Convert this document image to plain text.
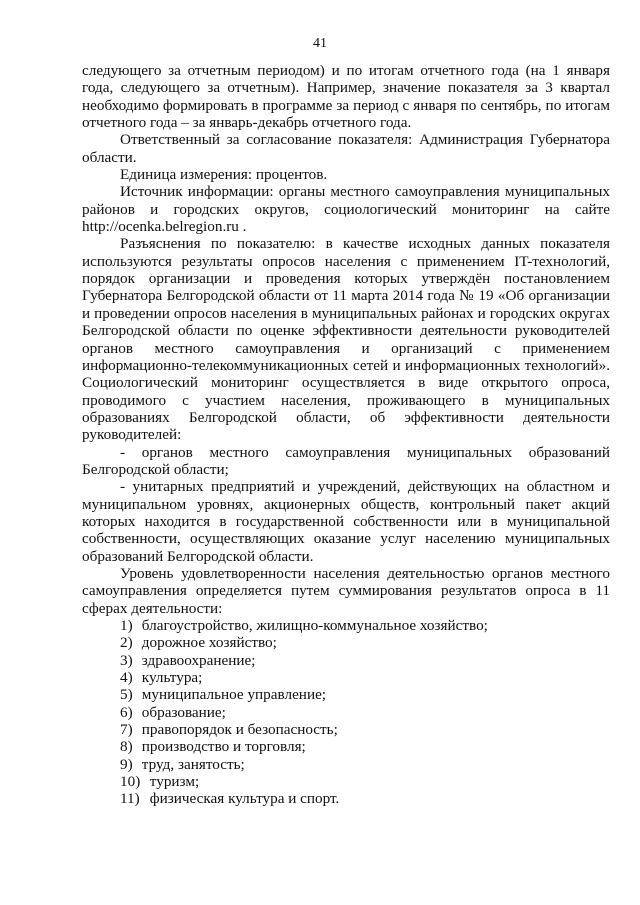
41

следующего за отчетным периодом) и по итогам отчетного года (на 1 января года, следующего за отчетным). Например, значение показателя за 3 квартал необходимо формировать в программе за период с января по сентябрь, по итогам отчетного года – за январь-декабрь отчетного года.

Ответственный за согласование показателя: Администрация Губернатора области.

Единица измерения: процентов.

Источник информации: органы местного самоуправления муниципальных районов и городских округов, социологический мониторинг на сайте http://ocenka.belregion.ru .

Разъяснения по показателю: в качестве исходных данных показателя используются результаты опросов населения с применением IT-технологий, порядок организации и проведения которых утверждён постановлением Губернатора Белгородской области от 11 марта 2014 года № 19 «Об организации и проведении опросов населения в муниципальных районах и городских округах Белгородской области по оценке эффективности деятельности руководителей органов местного самоуправления и организаций с применением информационно-телекоммуникационных сетей и информационных технологий». Социологический мониторинг осуществляется в виде открытого опроса, проводимого с участием населения, проживающего в муниципальных образованиях Белгородской области, об эффективности деятельности руководителей:

- органов местного самоуправления муниципальных образований Белгородской области;

- унитарных предприятий и учреждений, действующих на областном и муниципальном уровнях, акционерных обществ, контрольный пакет акций которых находится в государственной собственности или в муниципальной собственности, осуществляющих оказание услуг населению муниципальных образований Белгородской области.

Уровень удовлетворенности населения деятельностью органов местного самоуправления определяется путем суммирования результатов опроса в 11 сферах деятельности:

1) благоустройство, жилищно-коммунальное хозяйство;
2) дорожное хозяйство;
3) здравоохранение;
4) культура;
5) муниципальное управление;
6) образование;
7) правопорядок и безопасность;
8) производство и торговля;
9) труд, занятость;
10) туризм;
11) физическая культура и спорт.
